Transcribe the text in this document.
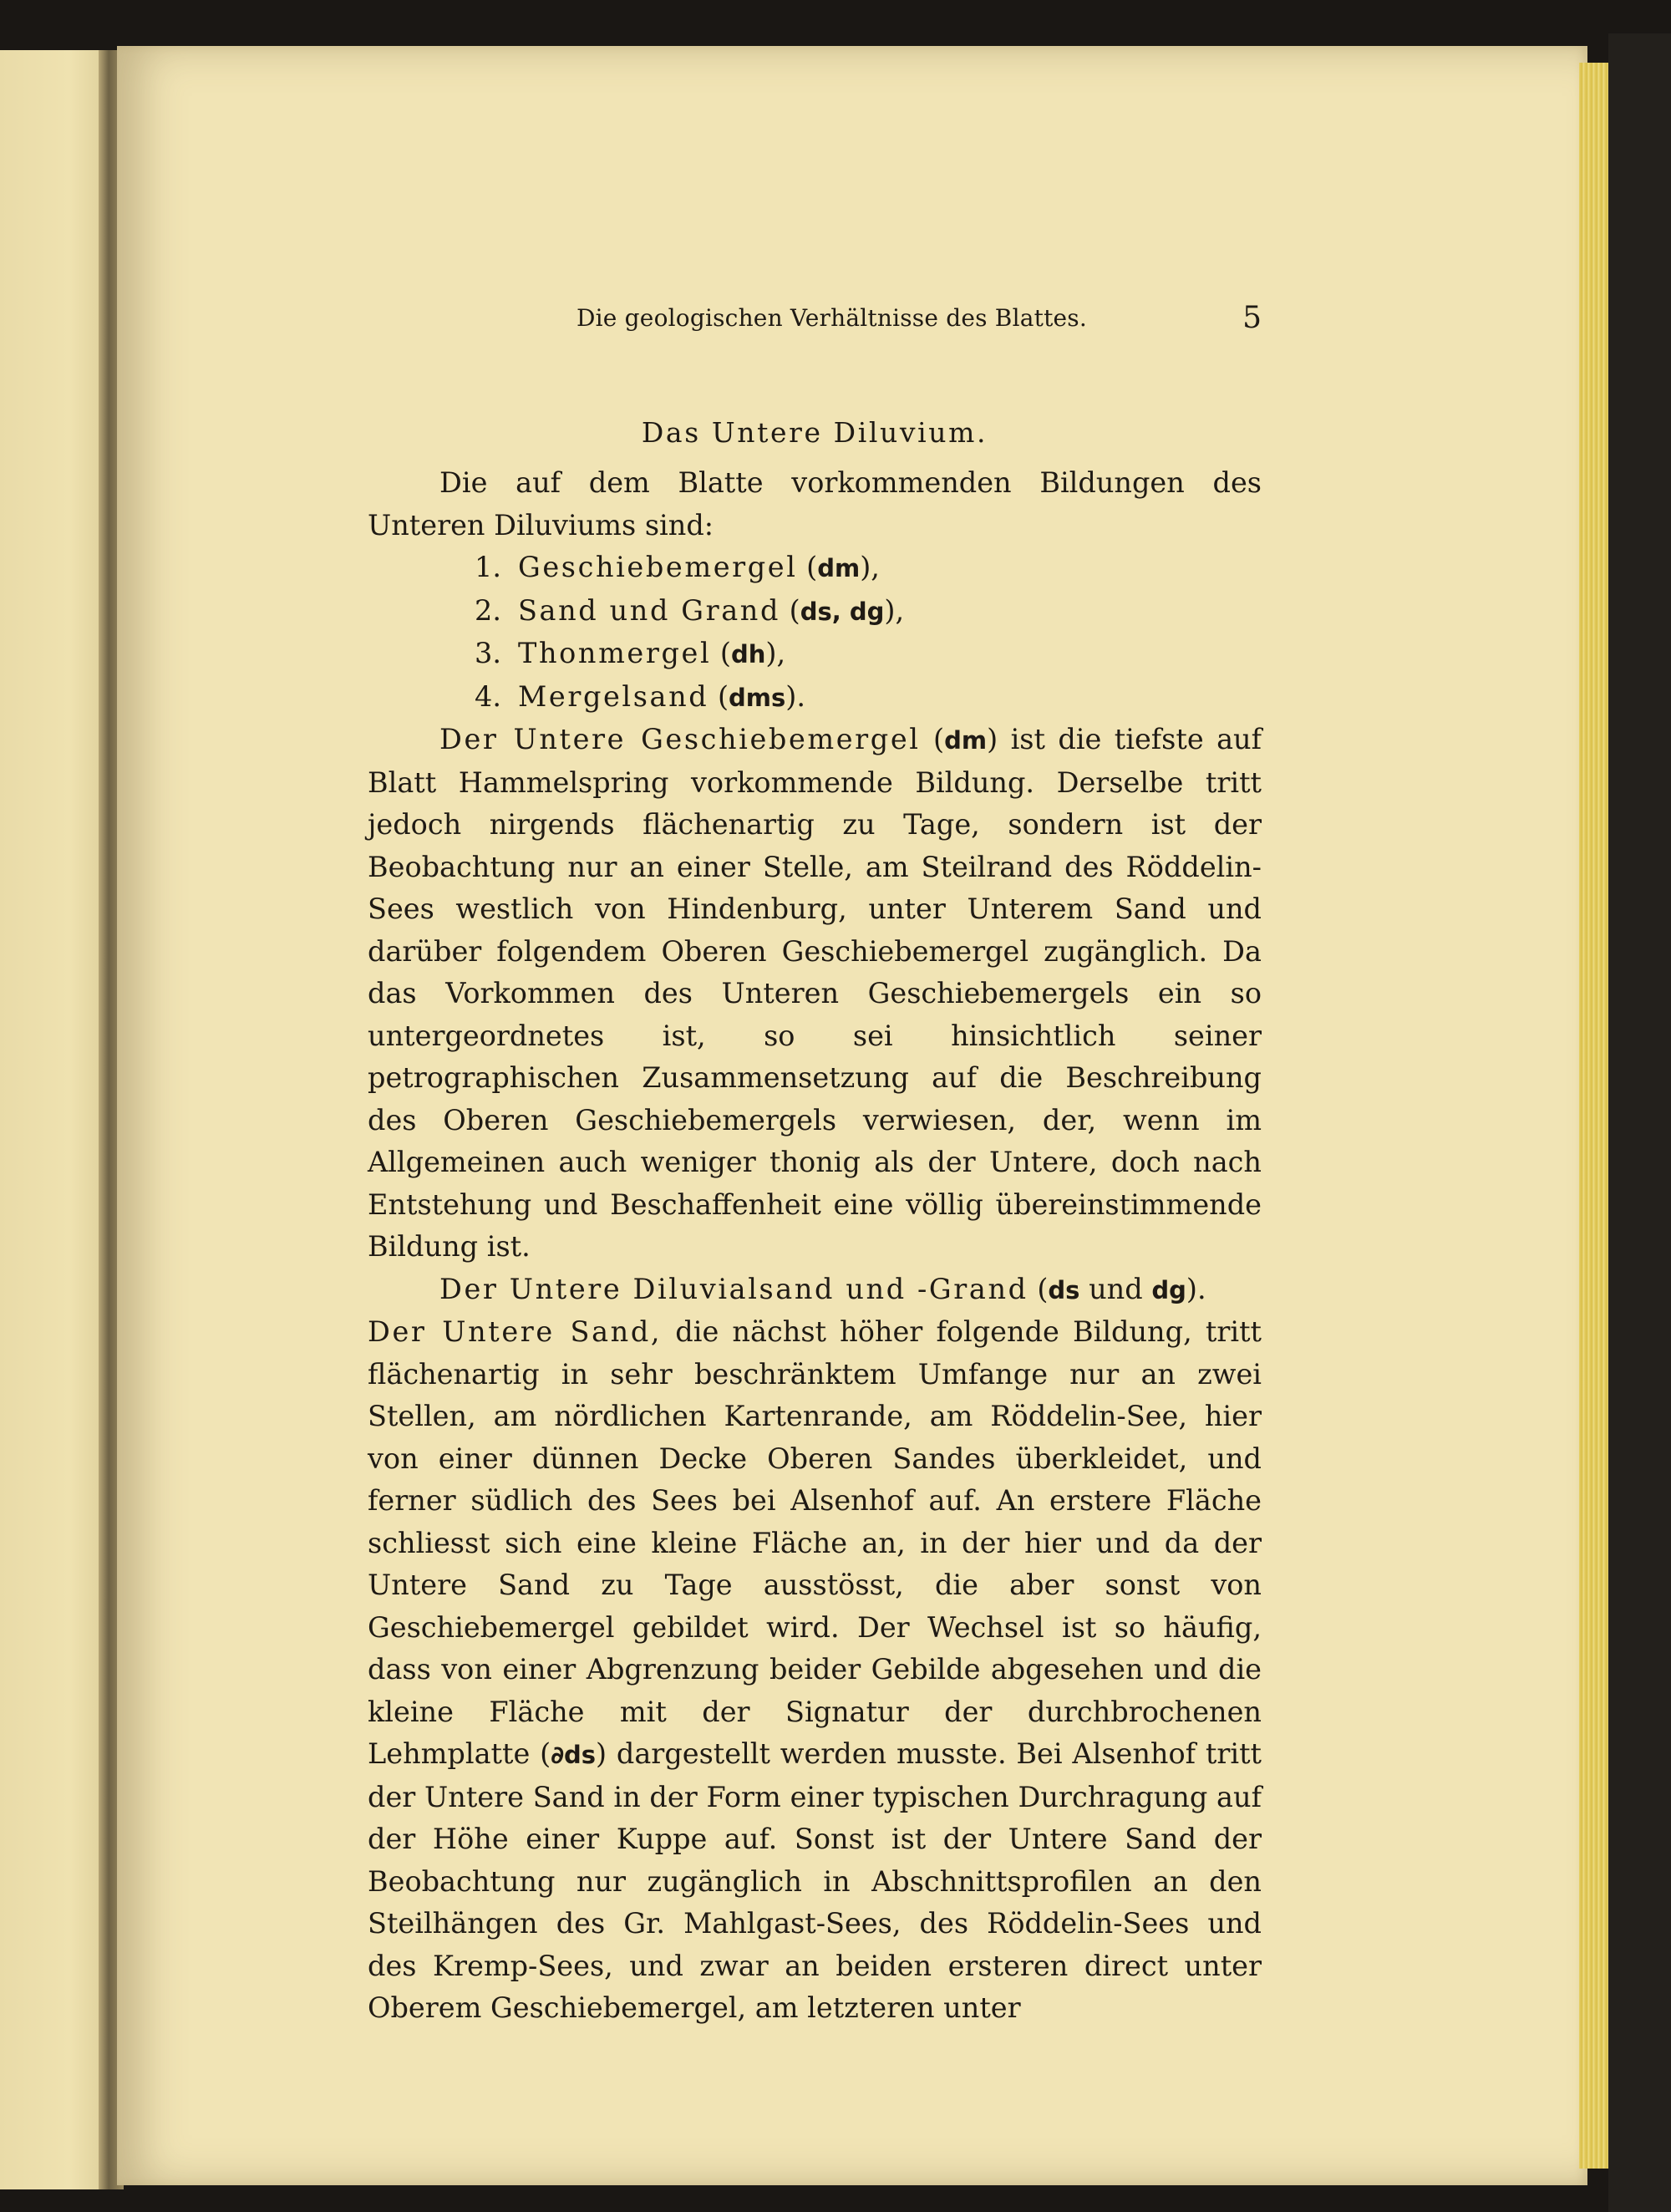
Die geologischen Verhältnisse des Blattes.	5
Das Untere Diluvium.

Die auf dem Blatte vorkommenden Bildungen des Unteren Diluviums sind:

1. Geschiebemergel (dm),
2. Sand und Grand (ds, dg),
3. Thonmergel (dh),
4. Mergelsand (dms).

Der Untere Geschiebemergel (dm) ist die tiefste auf Blatt Hammelspring vorkommende Bildung. Derselbe tritt jedoch nirgends flächenartig zu Tage, sondern ist der Beobachtung nur an einer Stelle, am Steilrand des Röddelin-Sees westlich von Hindenburg, unter Unterem Sand und darüber folgendem Oberen Geschiebemergel zugänglich. Da das Vorkommen des Unteren Geschiebemergels ein so untergeordnetes ist, so sei hinsichtlich seiner petrographischen Zusammensetzung auf die Beschreibung des Oberen Geschiebemergels verwiesen, der, wenn im Allgemeinen auch weniger thonig als der Untere, doch nach Entstehung und Beschaffenheit eine völlig übereinstimmende Bildung ist.

Der Untere Diluvialsand und -Grand (ds und dg).
Der Untere Sand, die nächst höher folgende Bildung, tritt flächenartig in sehr beschränktem Umfange nur an zwei Stellen, am nördlichen Kartenrande, am Röddelin-See, hier von einer dünnen Decke Oberen Sandes überkleidet, und ferner südlich des Sees bei Alsenhof auf. An erstere Fläche schliesst sich eine kleine Fläche an, in der hier und da der Untere Sand zu Tage ausstösst, die aber sonst von Geschiebemergel gebildet wird. Der Wechsel ist so häufig, dass von einer Abgrenzung beider Gebilde abgesehen und die kleine Fläche mit der Signatur der durchbrochenen Lehmplatte (∂ds) dargestellt werden musste. Bei Alsenhof tritt der Untere Sand in der Form einer typischen Durchragung auf der Höhe einer Kuppe auf. Sonst ist der Untere Sand der Beobachtung nur zugänglich in Abschnittsprofilen an den Steilhängen des Gr. Mahlgast-Sees, des Röddelin-Sees und des Kremp-Sees, und zwar an beiden ersteren direct unter Oberem Geschiebemergel, am letzteren unter
